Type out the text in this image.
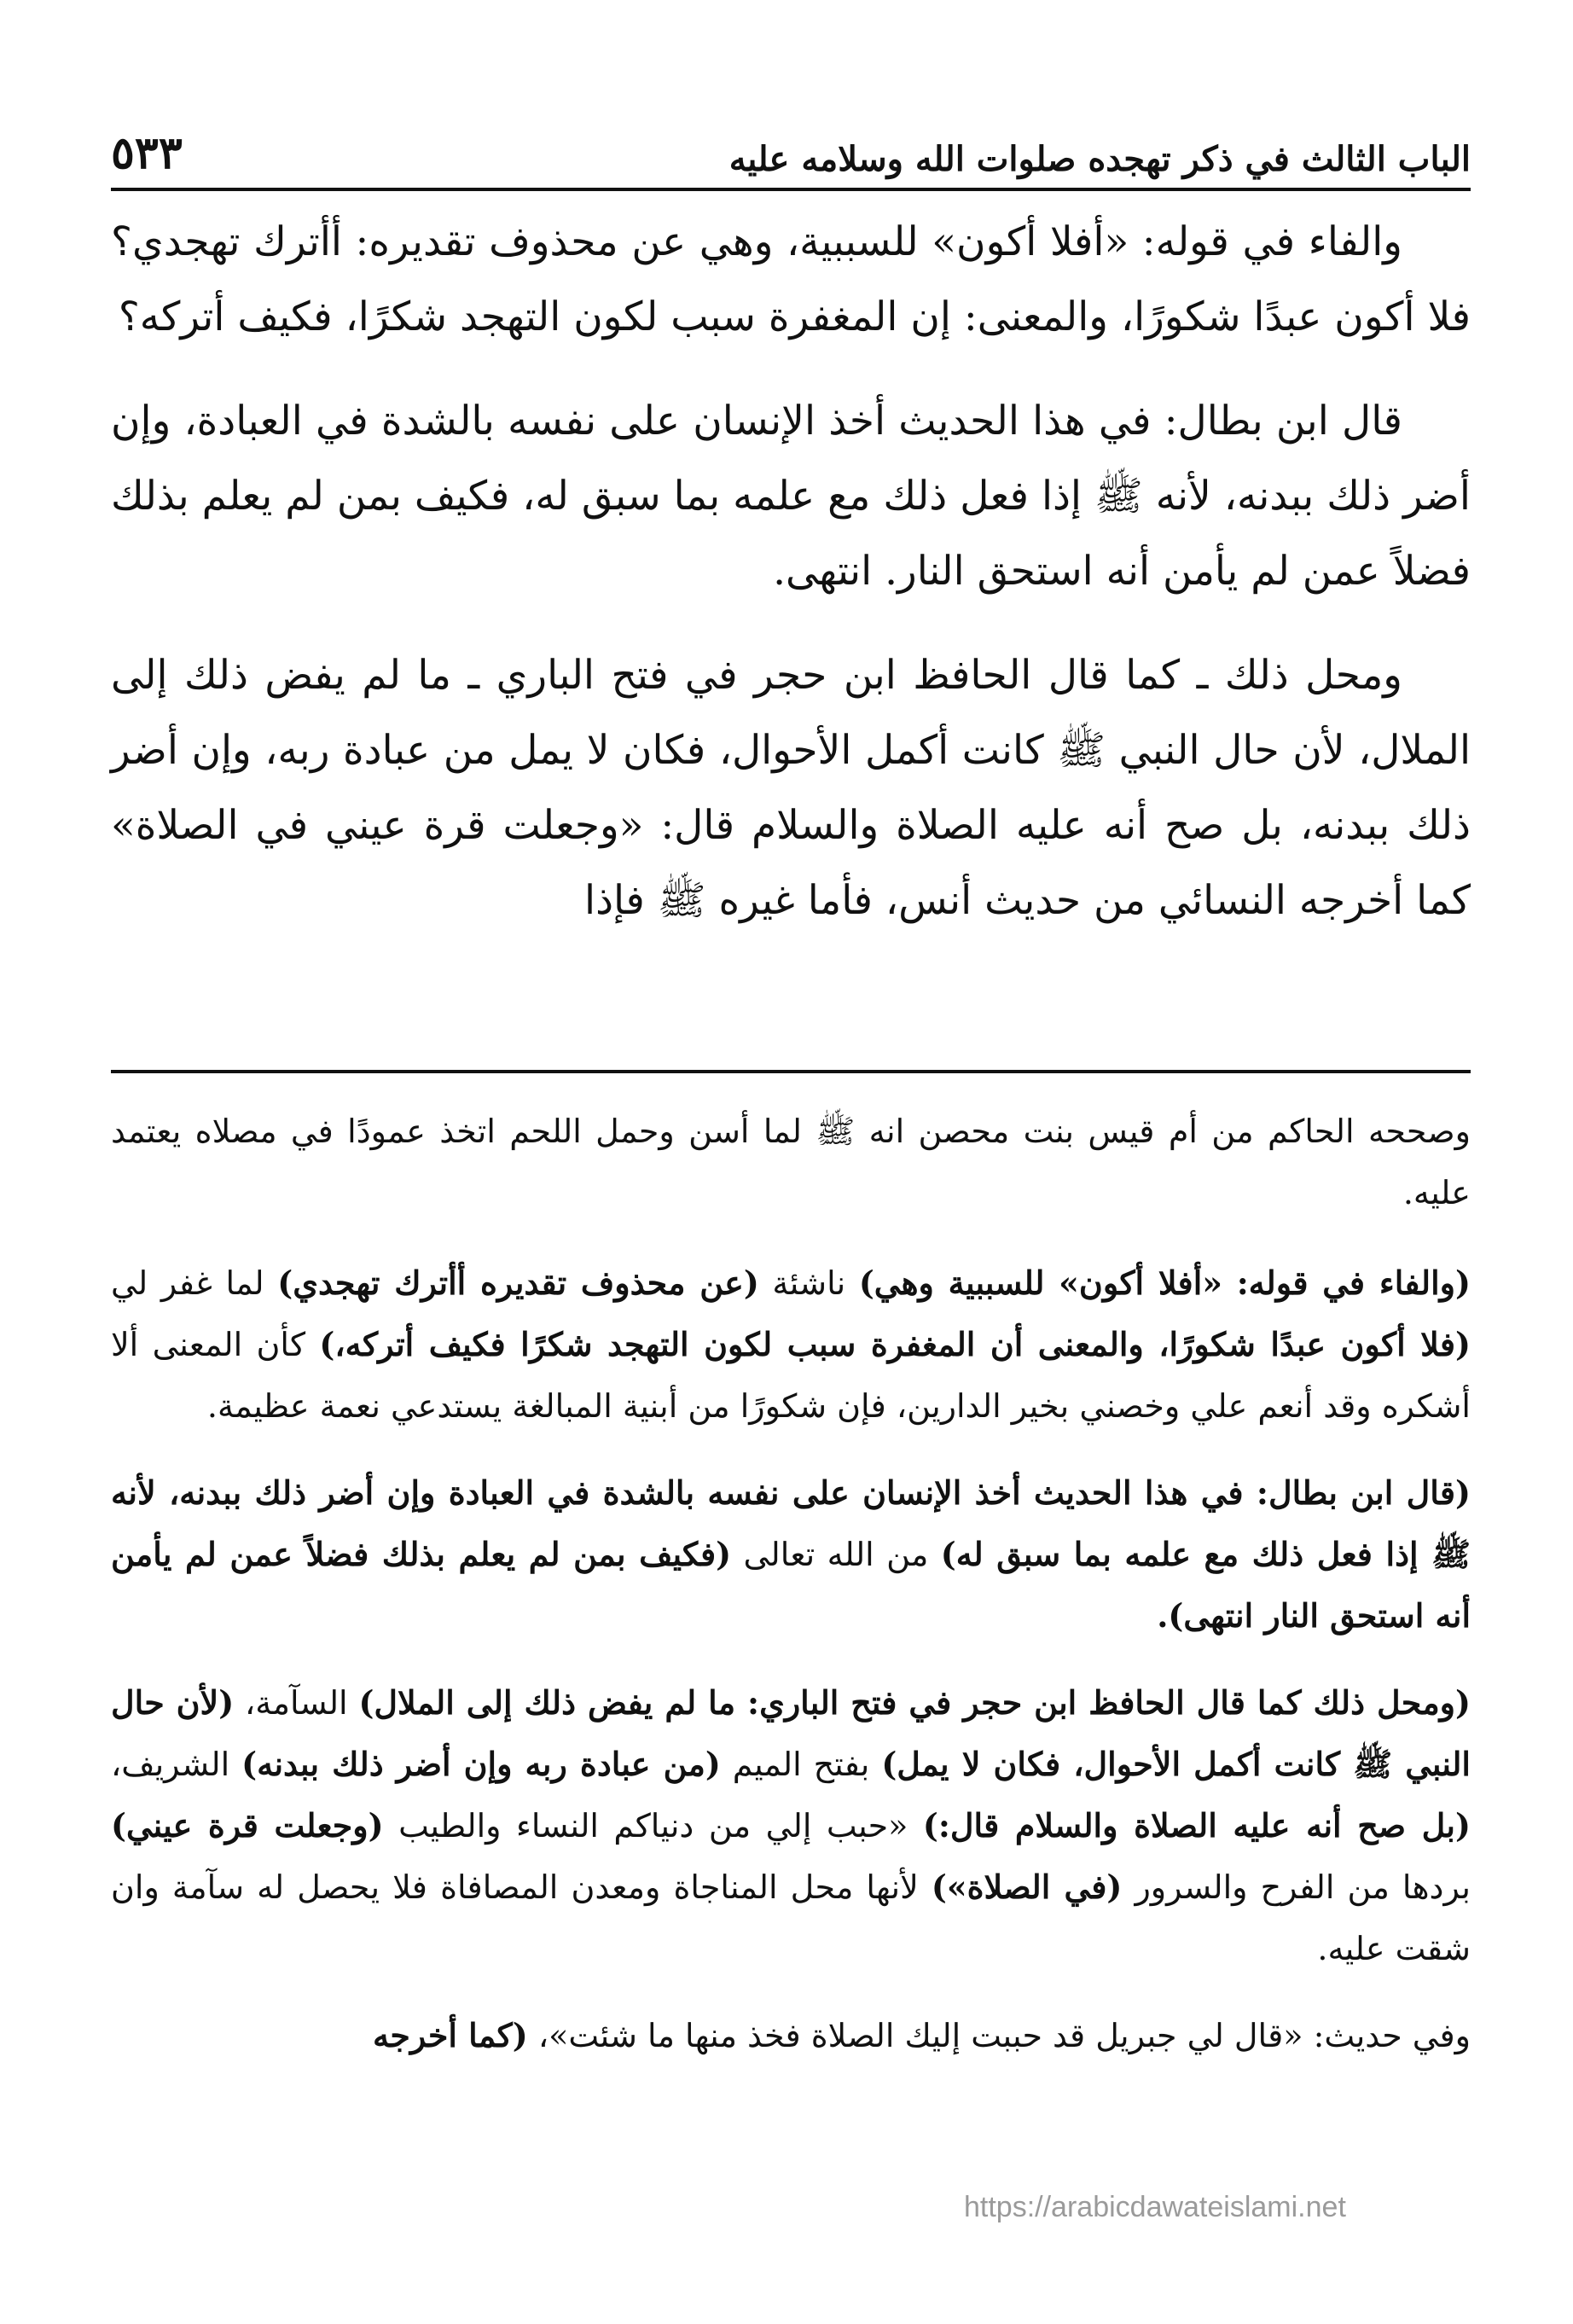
الباب الثالث في ذكر تهجده صلوات الله وسلامه عليه
٥٣٣

والفاء في قوله: «أفلا أكون» للسببية، وهي عن محذوف تقديره: أأترك تهجدي؟ فلا أكون عبدًا شكورًا، والمعنى: إن المغفرة سبب لكون التهجد شكرًا، فكيف أتركه؟

قال ابن بطال: في هذا الحديث أخذ الإنسان على نفسه بالشدة في العبادة، وإن أضر ذلك ببدنه، لأنه ﷺ إذا فعل ذلك مع علمه بما سبق له، فكيف بمن لم يعلم بذلك فضلاً عمن لم يأمن أنه استحق النار. انتهى.

ومحل ذلك ـ كما قال الحافظ ابن حجر في فتح الباري ـ ما لم يفض ذلك إلى الملال، لأن حال النبي ﷺ كانت أكمل الأحوال، فكان لا يمل من عبادة ربه، وإن أضر ذلك ببدنه، بل صح أنه عليه الصلاة والسلام قال: «وجعلت قرة عيني في الصلاة» كما أخرجه النسائي من حديث أنس، فأما غيره ﷺ فإذا

وصححه الحاكم من أم قيس بنت محصن انه ﷺ لما أسن وحمل اللحم اتخذ عمودًا في مصلاه يعتمد عليه.

(والفاء في قوله: «أفلا أكون» للسببية وهي) ناشئة (عن محذوف تقديره أأترك تهجدي) لما غفر لي (فلا أكون عبدًا شكورًا، والمعنى أن المغفرة سبب لكون التهجد شكرًا فكيف أتركه،) كأن المعنى ألا أشكره وقد أنعم علي وخصني بخير الدارين، فإن شكورًا من أبنية المبالغة يستدعي نعمة عظيمة.

(قال ابن بطال: في هذا الحديث أخذ الإنسان على نفسه بالشدة في العبادة وإن أضر ذلك ببدنه، لأنه ﷺ إذا فعل ذلك مع علمه بما سبق له) من الله تعالى (فكيف بمن لم يعلم بذلك فضلاً عمن لم يأمن أنه استحق النار انتهى).

(ومحل ذلك كما قال الحافظ ابن حجر في فتح الباري: ما لم يفض ذلك إلى الملال) السآمة، (لأن حال النبي ﷺ كانت أكمل الأحوال، فكان لا يمل) بفتح الميم (من عبادة ربه وإن أضر ذلك ببدنه) الشريف، (بل صح أنه عليه الصلاة والسلام قال:) «حبب إلي من دنياكم النساء والطيب (وجعلت قرة عيني) بردها من الفرح والسرور (في الصلاة») لأنها محل المناجاة ومعدن المصافاة فلا يحصل له سآمة وان شقت عليه.

وفي حديث: «قال لي جبريل قد حببت إليك الصلاة فخذ منها ما شئت»، (كما أخرجه

https://arabicdawateislami.net
